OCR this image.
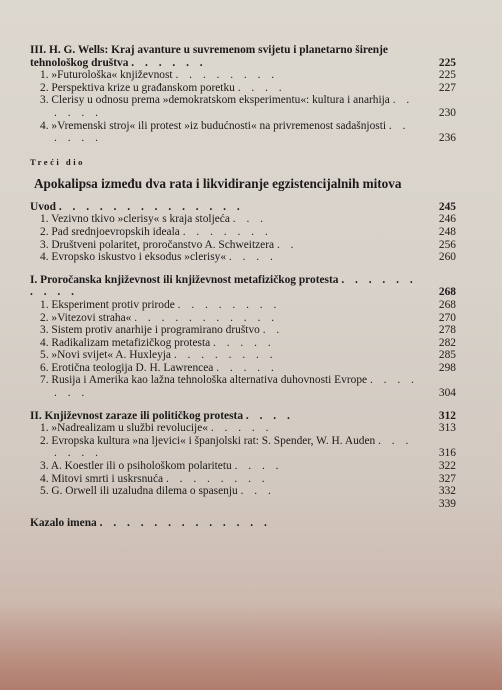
III. H. G. Wells: Kraj avanture u suvremenom svijetu i planetarno širenje tehnološkog društva . . . . . .	225
1. »Futurološka« književnost . . . . . . . .	225
2. Perspektiva krize u građanskom poretku . . . .	227
3. Clerisy u odnosu prema »demokratskom eksperimentu«: kultura i anarhija . . . . . .	230
4. »Vremenski stroj« ili protest »iz budućnosti« na privremenost sadašnjosti . . . . . .	236
Treći dio
Apokalipsa između dva rata i likvidiranje egzistencijalnih mitova
Uvod . . . . . . . . . . . . . .	245
1. Vezivno tkivo »clerisy« s kraja stoljeća . . .	246
2. Pad srednjoevropskih ideala . . . . . . .	248
3. Društveni polaritet, proročanstvo A. Schweitzera . .	256
4. Evropsko iskustvo i eksodus »clerisy« . . . .	260
I. Proročanska književnost ili književnost metafizičkog protesta . . . . . . . . . .	268
1. Eksperiment protiv prirode . . . . . . . .	268
2. »Vitezovi straha« . . . . . . . . . . .	270
3. Sistem protiv anarhije i programirano društvo . .	278
4. Radikalizam metafizičkog protesta . . . . .	282
5. »Novi svijet« A. Huxleyja . . . . . . . .	285
6. Erotična teologija D. H. Lawrencea . . . . .	298
7. Rusija i Amerika kao lažna tehnološka alternativa duhovnosti Evrope . . . . . . .	304
II. Književnost zaraze ili političkog protesta . . . .	312
1. »Nadrealizam u službi revolucije« . . . . .	313
2. Evropska kultura »na ljevici« i španjolski rat: S. Spender, W. H. Auden . . . . . . .	316
3. A. Koestler ili o psihološkom polaritetu . . . .	322
4. Mitovi smrti i uskrsnuća . . . . . . . .	327
5. G. Orwell ili uzaludna dilema o spasenju . . .	332
339
Kazalo imena . . . . . . . . . . . . .
